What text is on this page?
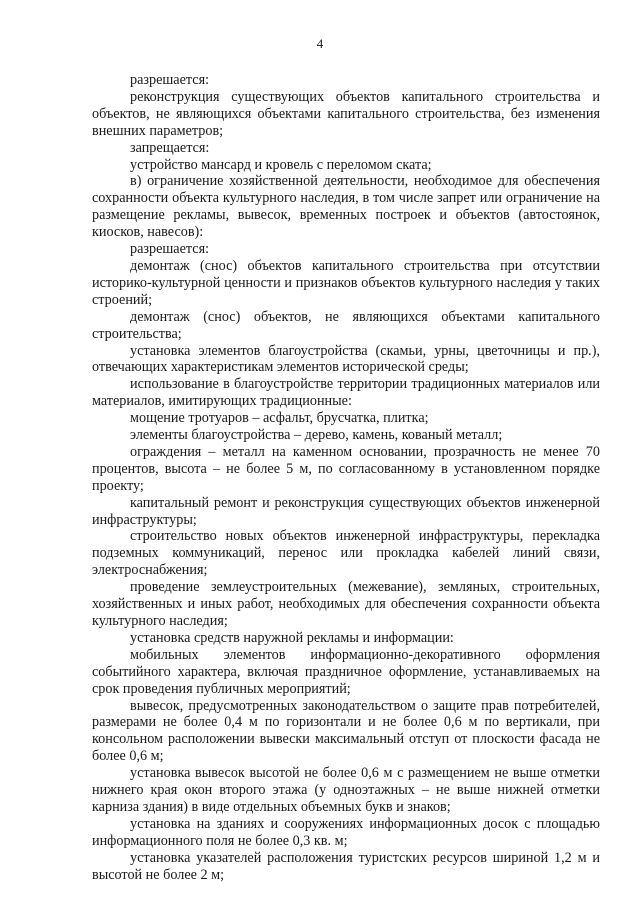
4

разрешается:

реконструкция существующих объектов капитального строительства и объектов, не являющихся объектами капитального строительства, без изменения внешних параметров;

запрещается:

устройство мансард и кровель с переломом ската;

в) ограничение хозяйственной деятельности, необходимое для обеспечения сохранности объекта культурного наследия, в том числе запрет или ограничение на размещение рекламы, вывесок, временных построек и объектов (автостоянок, киосков, навесов):

разрешается:

демонтаж (снос) объектов капитального строительства при отсутствии историко-культурной ценности и признаков объектов культурного наследия у таких строений;

демонтаж (снос) объектов, не являющихся объектами капитального строительства;

установка элементов благоустройства (скамьи, урны, цветочницы и пр.), отвечающих характеристикам элементов исторической среды;

использование в благоустройстве территории традиционных материалов или материалов, имитирующих традиционные:

мощение тротуаров – асфальт, брусчатка, плитка;

элементы благоустройства – дерево, камень, кованый металл;

ограждения – металл на каменном основании, прозрачность не менее 70 процентов, высота – не более 5 м, по согласованному в установленном порядке проекту;

капитальный ремонт и реконструкция существующих объектов инженерной инфраструктуры;

строительство новых объектов инженерной инфраструктуры, перекладка подземных коммуникаций, перенос или прокладка кабелей линий связи, электроснабжения;

проведение землеустроительных (межевание), земляных, строительных, хозяйственных и иных работ, необходимых для обеспечения сохранности объекта культурного наследия;

установка средств наружной рекламы и информации:

мобильных элементов информационно-декоративного оформления событийного характера, включая праздничное оформление, устанавливаемых на срок проведения публичных мероприятий;

вывесок, предусмотренных законодательством о защите прав потребителей, размерами не более 0,4 м по горизонтали и не более 0,6 м по вертикали, при консольном расположении вывески максимальный отступ от плоскости фасада не более 0,6 м;

установка вывесок высотой не более 0,6 м с размещением не выше отметки нижнего края окон второго этажа (у одноэтажных – не выше нижней отметки карниза здания) в виде отдельных объемных букв и знаков;

установка на зданиях и сооружениях информационных досок с площадью информационного поля не более 0,3 кв. м;

установка указателей расположения туристских ресурсов шириной 1,2 м и высотой не более 2 м;
